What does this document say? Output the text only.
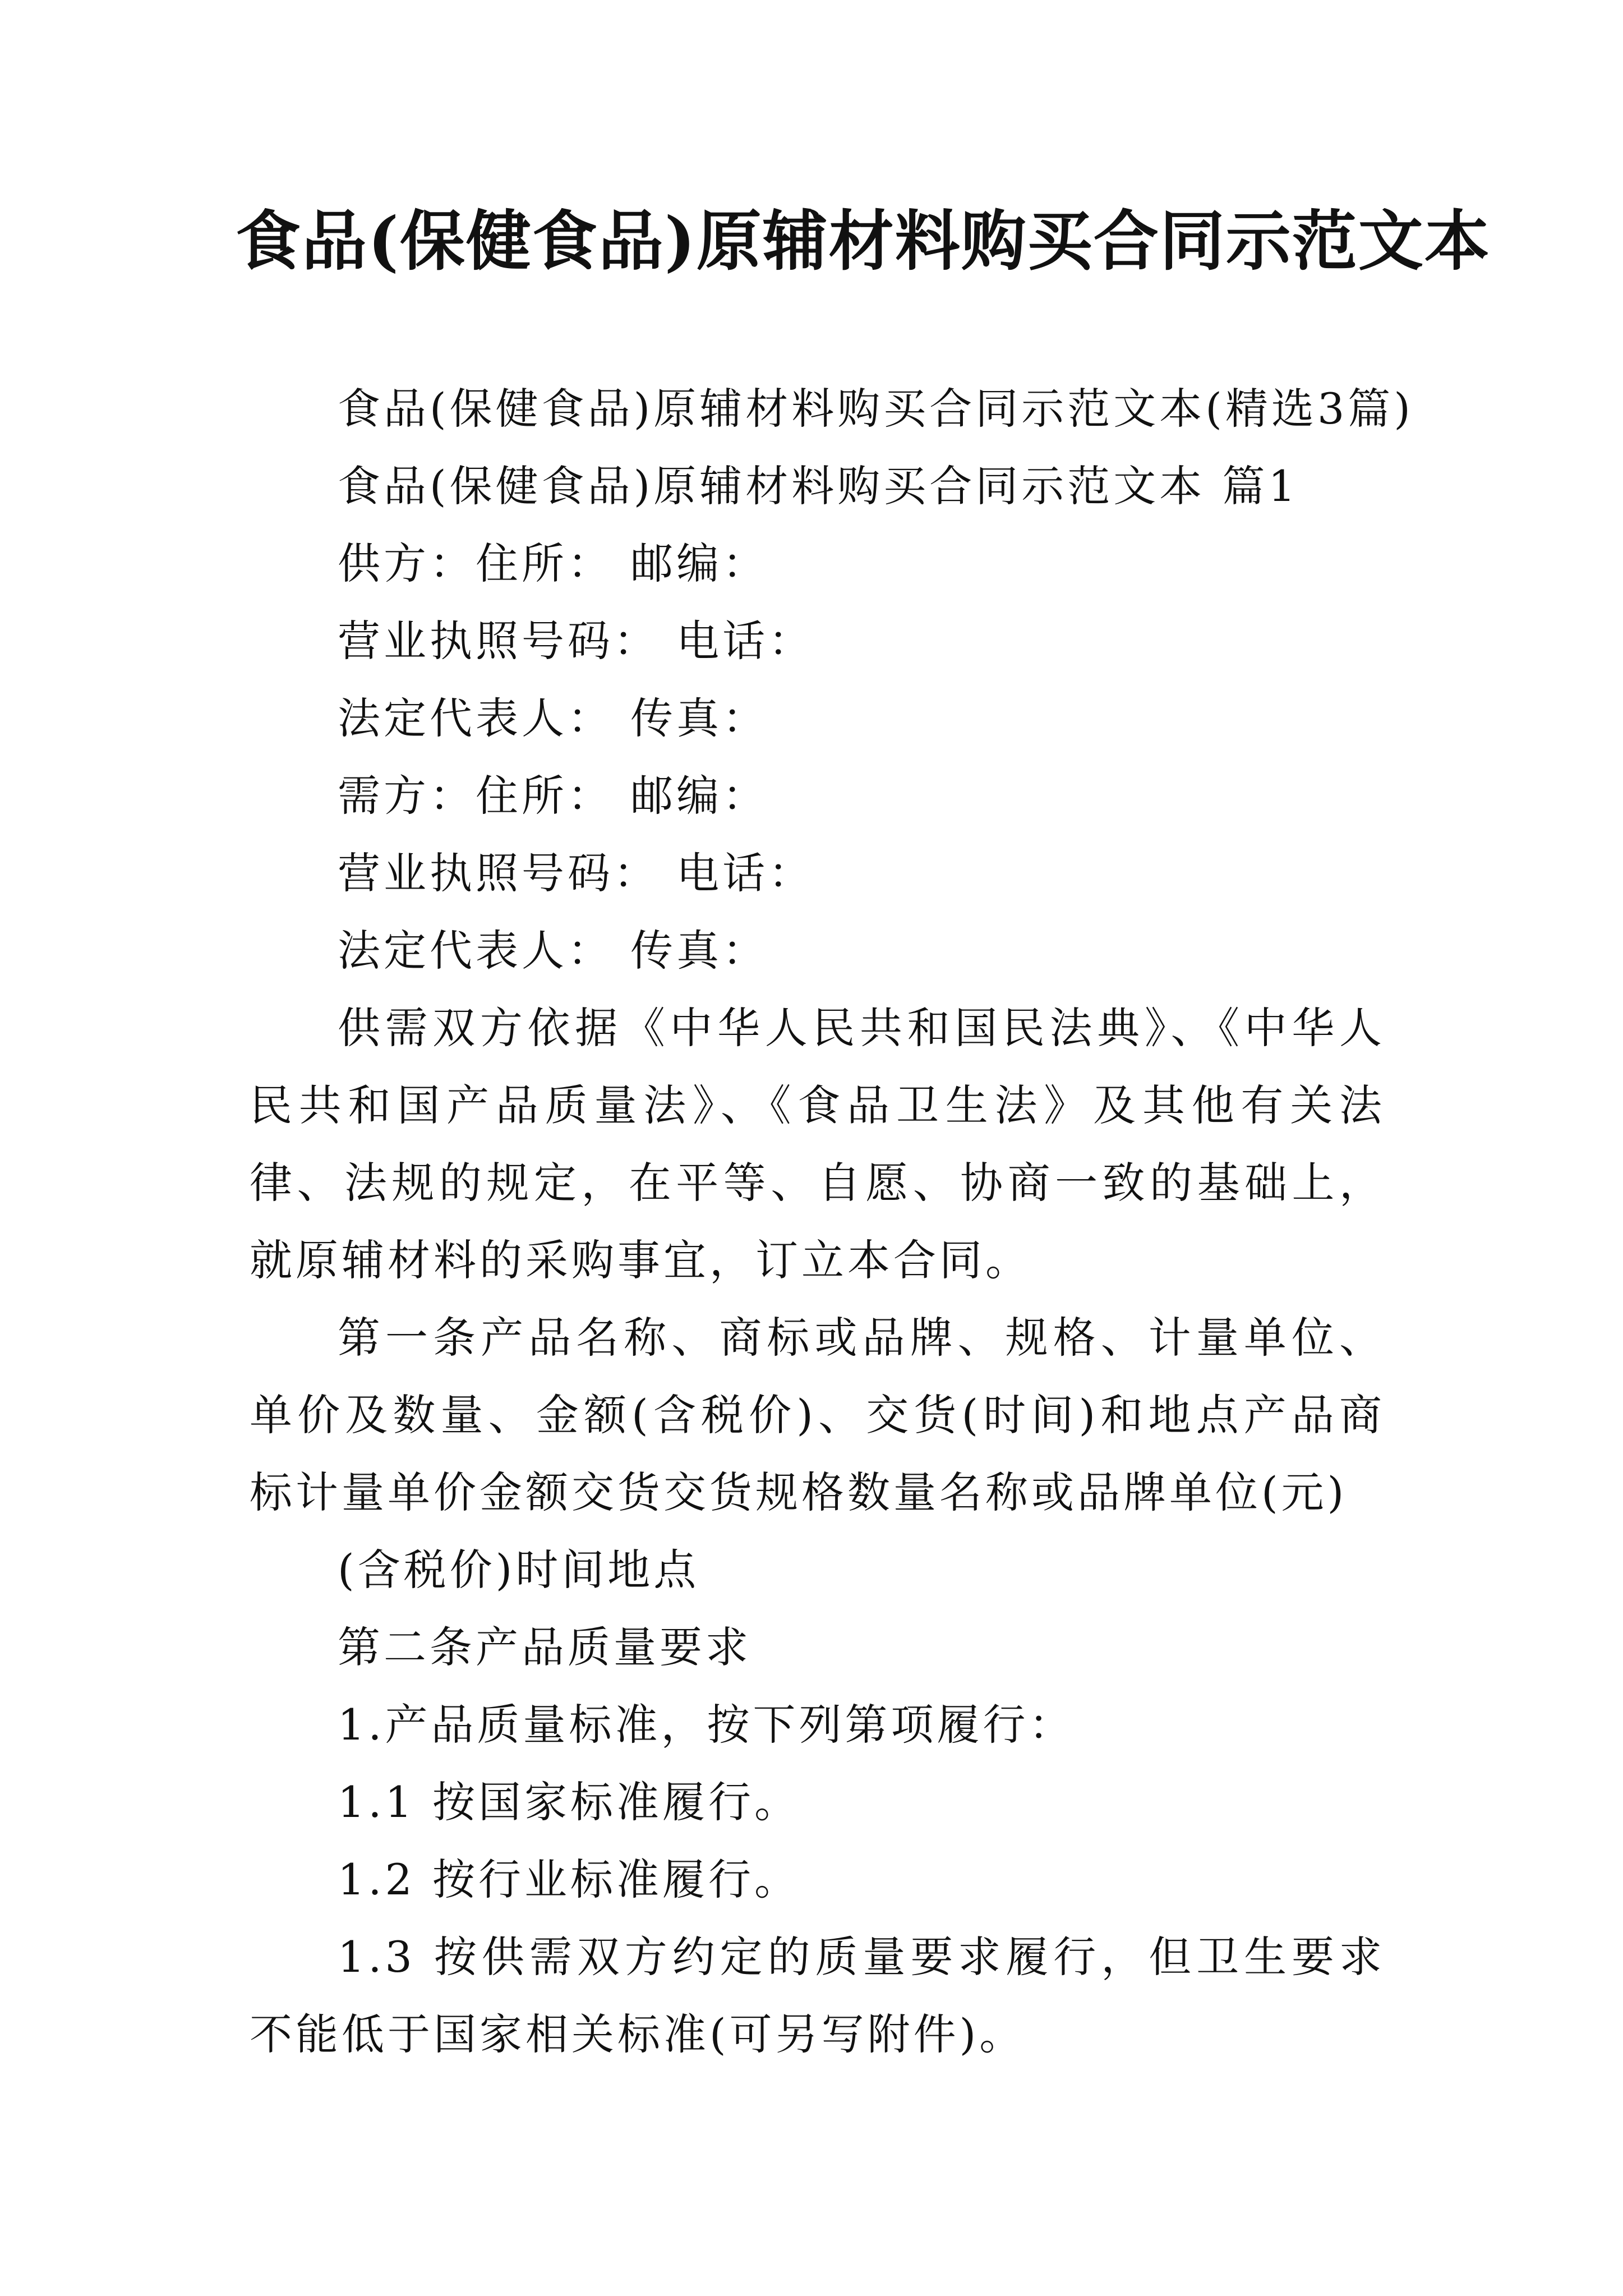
食品(保健食品)原辅材料购买合同示范文本

食品(保健食品)原辅材料购买合同示范文本(精选3篇)

食品(保健食品)原辅材料购买合同示范文本 篇1

供方：住所： 邮编：

营业执照号码： 电话：

法定代表人： 传真：

需方：住所： 邮编：

营业执照号码： 电话：

法定代表人： 传真：

供需双方依据《中华人民共和国民法典》、《中华人民共和国产品质量法》、《食品卫生法》及其他有关法律、法规的规定，在平等、自愿、协商一致的基础上，就原辅材料的采购事宜，订立本合同。

第一条产品名称、商标或品牌、规格、计量单位、单价及数量、金额(含税价)、交货(时间)和地点产品商标计量单价金额交货交货规格数量名称或品牌单位(元)

(含税价)时间地点

第二条产品质量要求

1.产品质量标准，按下列第项履行：

1.1 按国家标准履行。

1.2 按行业标准履行。

1.3 按供需双方约定的质量要求履行，但卫生要求不能低于国家相关标准(可另写附件)。
